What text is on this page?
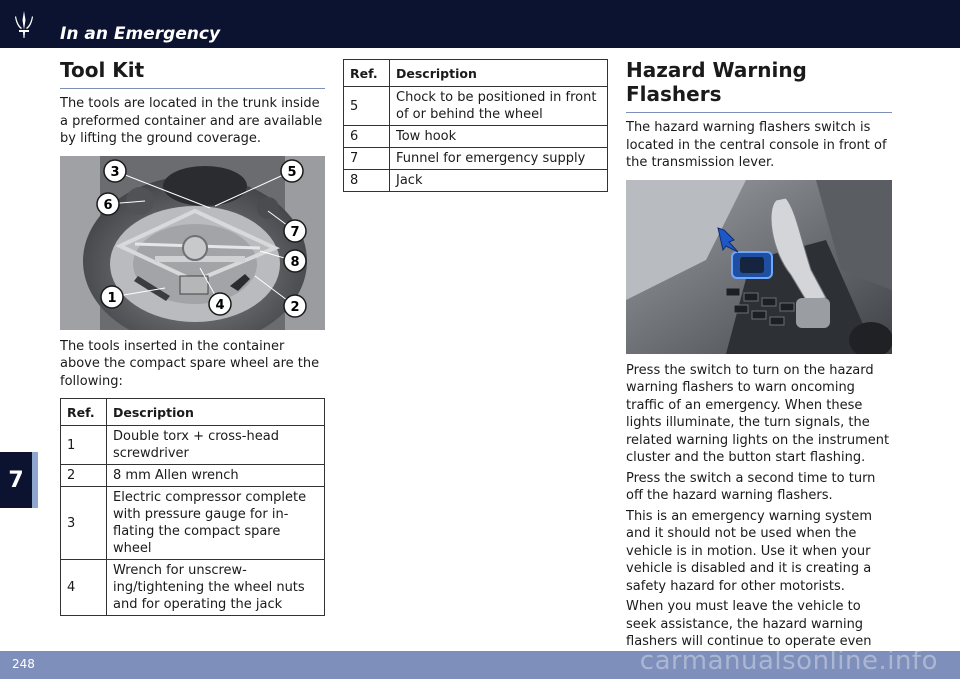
In an Emergency
7
Tool Kit

The tools are located in the trunk inside a preformed container and are available by lifting the ground coverage.

3	5
6
7
8
1	4	2

The tools inserted in the container above the compact spare wheel are the following:

Ref.	Description
1	Double torx + cross-head screwdriver
2	8 mm Allen wrench
3	Electric compressor complete with pressure gauge for in- flating the compact spare wheel
4	Wrench for unscrew- ing/tightening the wheel nuts and for operating the jack
Ref.	Description
5	Chock to be positioned in front of or behind the wheel
6	Tow hook
7	Funnel for emergency supply
8	Jack
Hazard Warning Flashers

The hazard warning flashers switch is located in the central console in front of the transmission lever.

Press the switch to turn on the hazard warning flashers to warn oncoming traffic of an emergency. When these lights illuminate, the turn signals, the related warning lights on the instrument cluster and the button start flashing.

Press the switch a second time to turn off the hazard warning flashers.

This is an emergency warning system and it should not be used when the vehicle is in motion. Use it when your vehicle is disabled and it is creating a safety hazard for other motorists.

When you must leave the vehicle to seek assistance, the hazard warning flashers will continue to operate even

248	carmanualsonline.info
